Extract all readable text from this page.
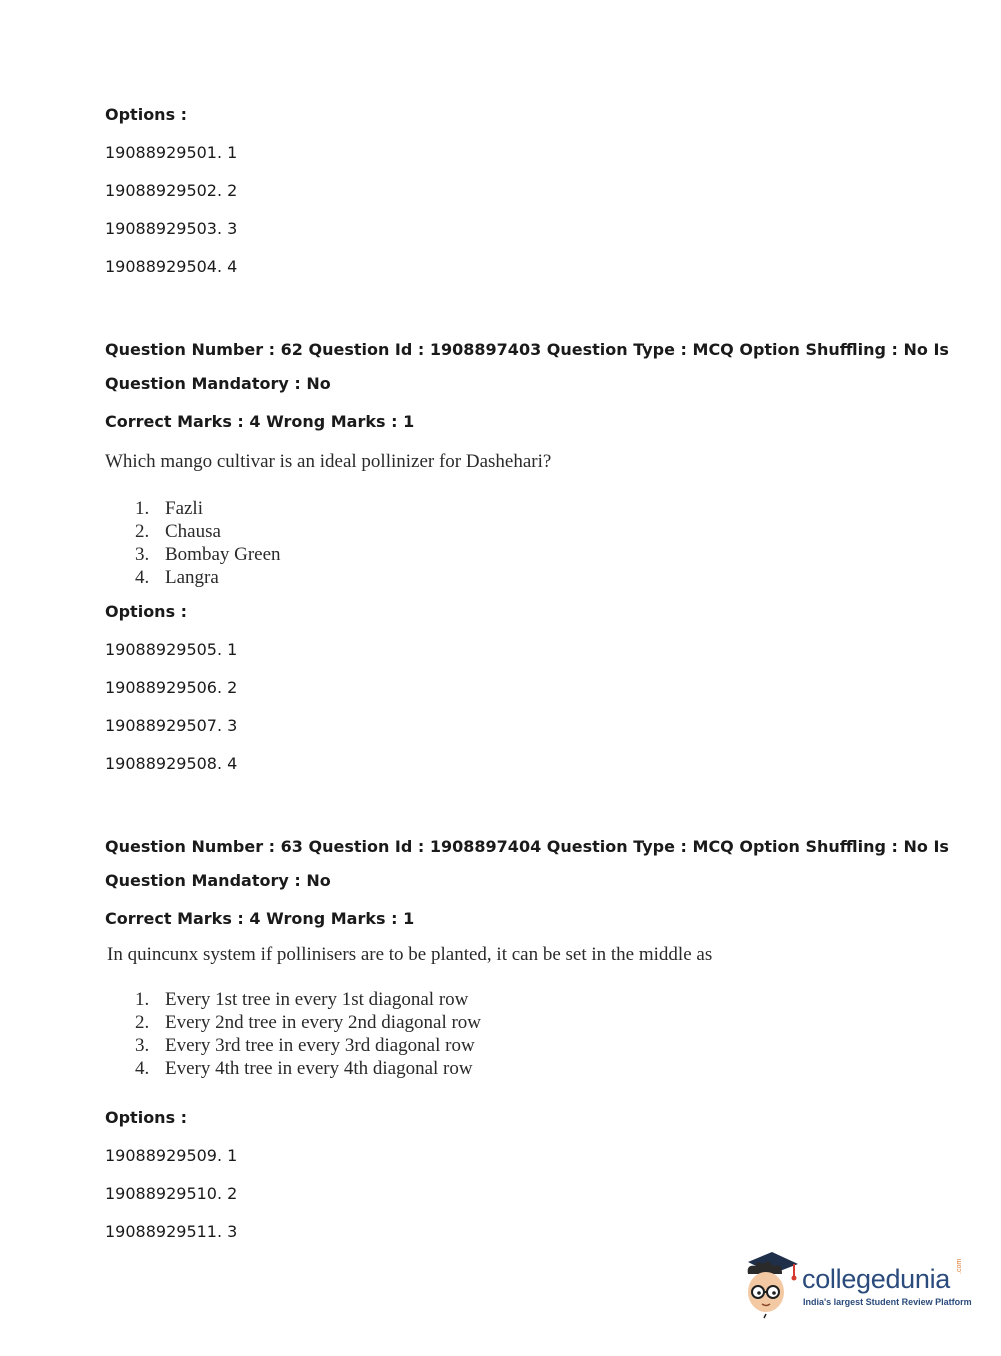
Options :
19088929501. 1
19088929502. 2
19088929503. 3
19088929504. 4
Question Number : 62 Question Id : 1908897403 Question Type : MCQ Option Shuffling : No Is
Question Mandatory : No
Correct Marks : 4 Wrong Marks : 1
Which mango cultivar is an ideal pollinizer for Dashehari?
1. Fazli
2. Chausa
3. Bombay Green
4. Langra
Options :
19088929505. 1
19088929506. 2
19088929507. 3
19088929508. 4
Question Number : 63 Question Id : 1908897404 Question Type : MCQ Option Shuffling : No Is
Question Mandatory : No
Correct Marks : 4 Wrong Marks : 1
In quincunx system if pollinisers are to be planted, it can be set in the middle as
1. Every 1st tree in every 1st diagonal row
2. Every 2nd tree in every 2nd diagonal row
3. Every 3rd tree in every 3rd diagonal row
4. Every 4th tree in every 4th diagonal row
Options :
19088929509. 1
19088929510. 2
19088929511. 3
collegedunia .com
India's largest Student Review Platform
